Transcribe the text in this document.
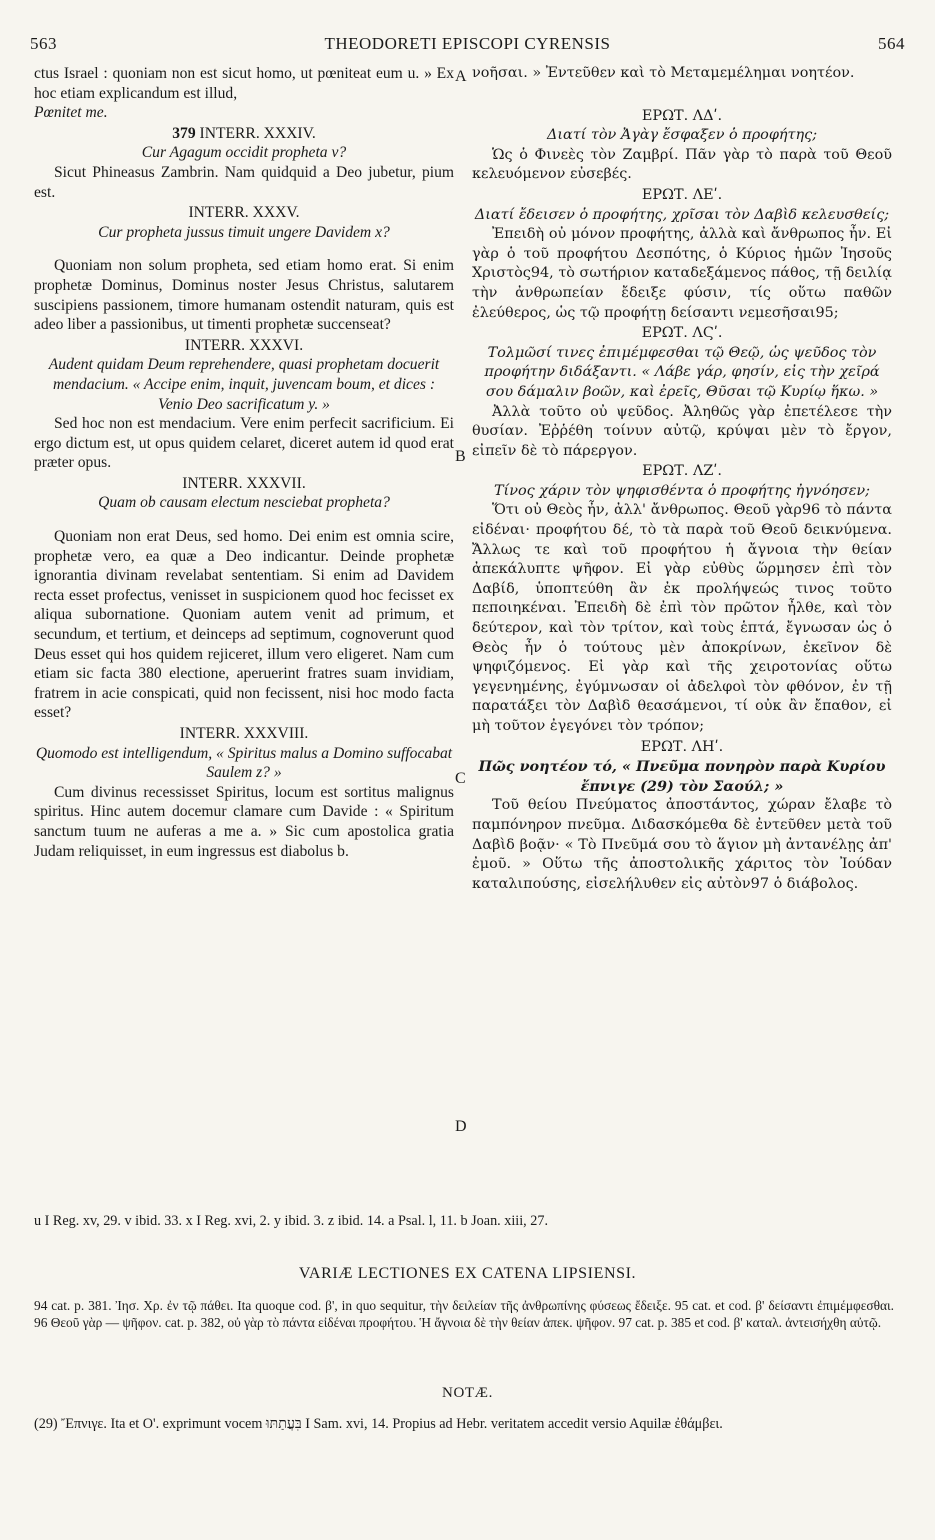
563	THEODORETI EPISCOPI CYRENSIS	564
A
B
C
D

ctus Israel : quoniam non est sicut homo, ut pœniteat eum u. » Ex hoc etiam explicandum est illud,

Pœnitet me.

379 INTERR. XXXIV.

Cur Agagum occidit propheta v?

Sicut Phineasus Zambrin. Nam quidquid a Deo jubetur, pium est.

INTERR. XXXV.

Cur propheta jussus timuit ungere Davidem x?

Quoniam non solum propheta, sed etiam homo erat. Si enim prophetæ Dominus, Dominus noster Jesus Christus, salutarem suscipiens passionem, timore humanam ostendit naturam, quis est adeo liber a passionibus, ut timenti prophetæ succenseat?

INTERR. XXXVI.

Audent quidam Deum reprehendere, quasi prophetam docuerit mendacium. « Accipe enim, inquit, juvencam boum, et dices : Venio Deo sacrificatum y. »

Sed hoc non est mendacium. Vere enim perfecit sacrificium. Ei ergo dictum est, ut opus quidem celaret, diceret autem id quod erat præter opus.

INTERR. XXXVII.

Quam ob causam electum nesciebat propheta?

Quoniam non erat Deus, sed homo. Dei enim est omnia scire, prophetæ vero, ea quæ a Deo indicantur. Deinde prophetæ ignorantia divinam revelabat sententiam. Si enim ad Davidem recta esset profectus, venisset in suspicionem quod hoc fecisset ex aliqua subornatione. Quoniam autem venit ad primum, et secundum, et tertium, et deinceps ad septimum, cognoverunt quod Deus esset qui hos quidem rejiceret, illum vero eligeret. Nam cum etiam sic facta 380 electione, aperuerint fratres suam invidiam, fratrem in acie conspicati, quid non fecissent, nisi hoc modo facta esset?

INTERR. XXXVIII.

Quomodo est intelligendum, « Spiritus malus a Domino suffocabat Saulem z? »

Cum divinus recessisset Spiritus, locum est sortitus malignus spiritus. Hinc autem docemur clamare cum Davide : « Spiritum sanctum tuum ne auferas a me a. » Sic cum apostolica gratia Judam reliquisset, in eum ingressus est diabolus b.

νοῆσαι. » Ἐντεῦθεν καὶ τὸ Μεταμεμέλημαι νοητέον.

ΕΡΩΤ. ΛΔʹ.

Διατί τὸν Ἀγὰγ ἔσφαξεν ὁ προφήτης;

Ὡς ὁ Φινεὲς τὸν Ζαμβρί. Πᾶν γὰρ τὸ παρὰ τοῦ Θεοῦ κελευόμενον εὐσεβές.

ΕΡΩΤ. ΛΕʹ.

Διατί ἔδεισεν ὁ προφήτης, χρῖσαι τὸν Δαβὶδ κελευσθείς;

Ἐπειδὴ οὐ μόνον προφήτης, ἀλλὰ καὶ ἄνθρωπος ἦν. Εἰ γὰρ ὁ τοῦ προφήτου Δεσπότης, ὁ Κύριος ἡμῶν Ἰησοῦς Χριστὸς94, τὸ σωτήριον καταδεξάμενος πάθος, τῇ δειλίᾳ τὴν ἀνθρωπείαν ἔδειξε φύσιν, τίς οὕτω παθῶν ἐλεύθερος, ὡς τῷ προφήτῃ δείσαντι νεμεσῆσαι95;

ΕΡΩΤ. ΛϚʹ.

Τολμῶσί τινες ἐπιμέμφεσθαι τῷ Θεῷ, ὡς ψεῦδος τὸν προφήτην διδάξαντι. « Λάβε γάρ, φησίν, εἰς τὴν χεῖρά σου δάμαλιν βοῶν, καὶ ἐρεῖς, Θῦσαι τῷ Κυρίῳ ἥκω. »

Ἀλλὰ τοῦτο οὐ ψεῦδος. Ἀληθῶς γὰρ ἐπετέλεσε τὴν θυσίαν. Ἐῤῥέθη τοίνυν αὐτῷ, κρύψαι μὲν τὸ ἔργον, εἰπεῖν δὲ τὸ πάρεργον.

ΕΡΩΤ. ΛΖʹ.

Τίνος χάριν τὸν ψηφισθέντα ὁ προφήτης ἠγνόησεν;

Ὅτι οὐ Θεὸς ἦν, ἀλλ' ἄνθρωπος. Θεοῦ γὰρ96 τὸ πάντα εἰδέναι· προφήτου δέ, τὸ τὰ παρὰ τοῦ Θεοῦ δεικνύμενα. Ἄλλως τε καὶ τοῦ προφήτου ἡ ἄγνοια τὴν θείαν ἀπεκάλυπτε ψῆφον. Εἰ γὰρ εὐθὺς ὥρμησεν ἐπὶ τὸν Δαβίδ, ὑποπτεύθη ἂν ἐκ προλήψεώς τινος τοῦτο πεποιηκέναι. Ἐπειδὴ δὲ ἐπὶ τὸν πρῶτον ἦλθε, καὶ τὸν δεύτερον, καὶ τὸν τρίτον, καὶ τοὺς ἑπτά, ἔγνωσαν ὡς ὁ Θεὸς ἦν ὁ τούτους μὲν ἀποκρίνων, ἐκεῖνον δὲ ψηφιζόμενος. Εἰ γὰρ καὶ τῆς χειροτονίας οὕτω γεγενημένης, ἐγύμνωσαν οἱ ἀδελφοὶ τὸν φθόνον, ἐν τῇ παρατάξει τὸν Δαβὶδ θεασάμενοι, τί οὐκ ἂν ἔπαθον, εἰ μὴ τοῦτον ἐγεγόνει τὸν τρόπον;

ΕΡΩΤ. ΛΗʹ.

Πῶς νοητέον τό, « Πνεῦμα πονηρὸν παρὰ Κυρίου ἔπνιγε (29) τὸν Σαούλ; »

Τοῦ θείου Πνεύματος ἀποστάντος, χώραν ἔλαβε τὸ παμπόνηρον πνεῦμα. Διδασκόμεθα δὲ ἐντεῦθεν μετὰ τοῦ Δαβὶδ βοᾷν· « Τὸ Πνεῦμά σου τὸ ἅγιον μὴ ἀντανέλῃς ἀπ' ἐμοῦ. » Οὕτω τῆς ἀποστολικῆς χάριτος τὸν Ἰούδαν καταλιπούσης, εἰσελήλυθεν εἰς αὐτὸν97 ὁ διάβολος.

u I Reg. xv, 29. v ibid. 33. x I Reg. xvi, 2. y ibid. 3. z ibid. 14. a Psal. l, 11. b Joan. xiii, 27.
VARIÆ LECTIONES EX CATENA LIPSIENSI.
94 cat. p. 381. Ἰησ. Χρ. ἐν τῷ πάθει. Ita quoque cod. β', in quo sequitur, τὴν δειλείαν τῆς ἀνθρωπίνης φύσεως ἔδειξε. 95 cat. et cod. β' δείσαντι ἐπιμέμφεσθαι. 96 Θεοῦ γὰρ — ψῆφον. cat. p. 382, οὐ γὰρ τὸ πάντα εἰδέναι προφήτου. Ἡ ἄγνοια δὲ τὴν θείαν ἀπεκ. ψῆφον. 97 cat. p. 385 et cod. β' καταλ. ἀντεισήχθη αὐτῷ.
NOTÆ.
(29) Ἔπνιγε. Ita et O'. exprimunt vocem בִּעֲתַתּוּ I Sam. xvi, 14. Propius ad Hebr. veritatem accedit versio Aquilæ ἐθάμβει.
